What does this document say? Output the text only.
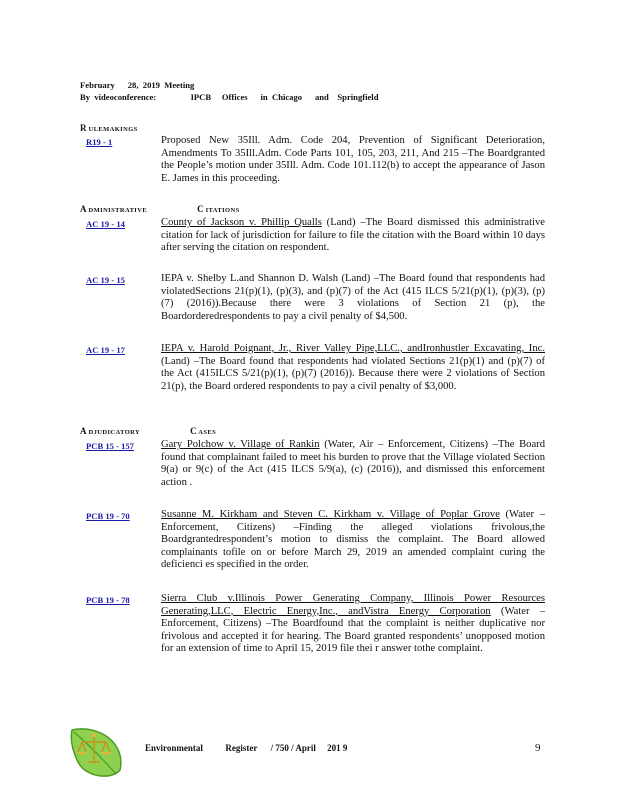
February      28,  2019  Meeting
By  videoconference:                IPCB     Offices      in  Chicago      and    Springfield
R ULEMAKINGS
A DMINISTRATIVE	C ITATIONS
A DJUDICATORY	C ASES
R19 - 1	Proposed New 35Ill. Adm. Code 204, Prevention of Significant Deterioration, Amendments To 35Ill.Adm. Code Parts 101, 105, 203, 211, And 215 –The Boardgranted the People’s motion under 35Ill. Adm. Code 101.112(b) to accept the appearance of Jason E. James in this proceeding.
AC 19 - 14	County of Jackson v. Phillip Qualls (Land) –The Board dismissed this administrative citation for lack of jurisdiction for failure to file the citation with the Board within 10 days after serving the citation on respondent.
AC 19 - 15	IEPA v. Shelby L.and Shannon D. Walsh (Land) –The Board found that respondents had violatedSections 21(p)(1), (p)(3), and (p)(7) of the Act (415 ILCS 5/21(p)(1), (p)(3), (p)(7) (2016)).Because there were 3 violations of Section 21 (p), the Boardorderedrespondents to pay a civil penalty of $4,500.
AC 19 - 17	IEPA v. Harold Poignant, Jr., River Valley Pipe,LLC., andIronhustler Excavating, Inc. (Land) –The Board found that respondents had violated Sections 21(p)(1) and (p)(7) of the Act (415ILCS 5/21(p)(1), (p)(7) (2016)). Because there were 2 violations of Section 21(p), the Board ordered respondents to pay a civil penalty of $3,000.
PCB 15 - 157	Gary Polchow v. Village of Rankin (Water, Air – Enforcement, Citizens) –The Board found that complainant failed to meet his burden to prove that the Village violated Section 9(a) or 9(c) of the Act (415 ILCS 5/9(a), (c) (2016)), and dismissed this enforcement action .
PCB 19 - 70	Susanne M. Kirkham and Steven C. Kirkham v. Village of Poplar Grove (Water –Enforcement, Citizens) –Finding the alleged violations frivolous,the Boardgrantedrespondent’s motion to dismiss the complaint. The Board allowed complainants tofile on or before March 29, 2019 an amended complaint curing the deficienci es specified in the order.
PCB 19 - 78	Sierra Club v.Illinois Power Generating Company, Illinois Power Resources Generating,LLC, Electric Energy,Inc., andVistra Energy Corporation (Water –Enforcement, Citizens) –The Boardfound that the complaint is neither duplicative nor frivolous and accepted it for hearing. The Board granted respondents’ unopposed motion for an extension of time to April 15, 2019 file thei r answer tothe complaint.
Environmental          Register      / 750 / April     201 9	9
